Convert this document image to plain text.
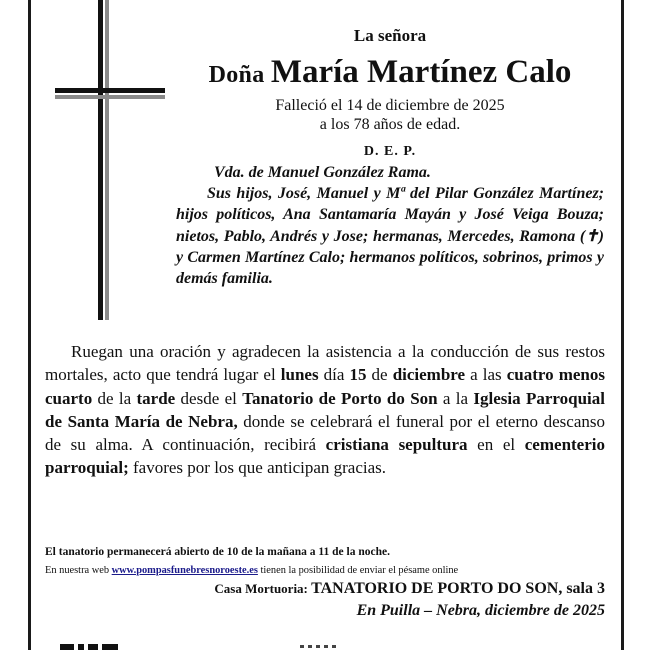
La señora
Doña María Martínez Calo
Falleció el 14 de diciembre de 2025
a los 78 años de edad.
D. E. P.

Vda. de Manuel González Rama.

Sus hijos, José, Manuel y Mª del Pilar González Martínez; hijos políticos, Ana Santamaría Mayán y José Veiga Bouza; nietos, Pablo, Andrés y Jose; hermanas, Mercedes, Ramona (✝) y Carmen Martínez Calo; hermanos políticos, sobrinos, primos y demás familia.

Ruegan una oración y agradecen la asistencia a la conducción de sus restos mortales, acto que tendrá lugar el lunes día 15 de diciembre a las cuatro menos cuarto de la tarde desde el Tanatorio de Porto do Son a la Iglesia Parroquial de Santa María de Nebra, donde se celebrará el funeral por el eterno descanso de su alma. A continuación, recibirá cristiana sepultura en el cementerio parroquial; favores por los que anticipan gracias.

El tanatorio permanecerá abierto de 10 de la mañana a 11 de la noche.
En nuestra web www.pompasfunebresnoroeste.es tienen la posibilidad de enviar el pésame online
Casa Mortuoria: TANATORIO DE PORTO DO SON, sala 3
En Puilla – Nebra, diciembre de 2025
